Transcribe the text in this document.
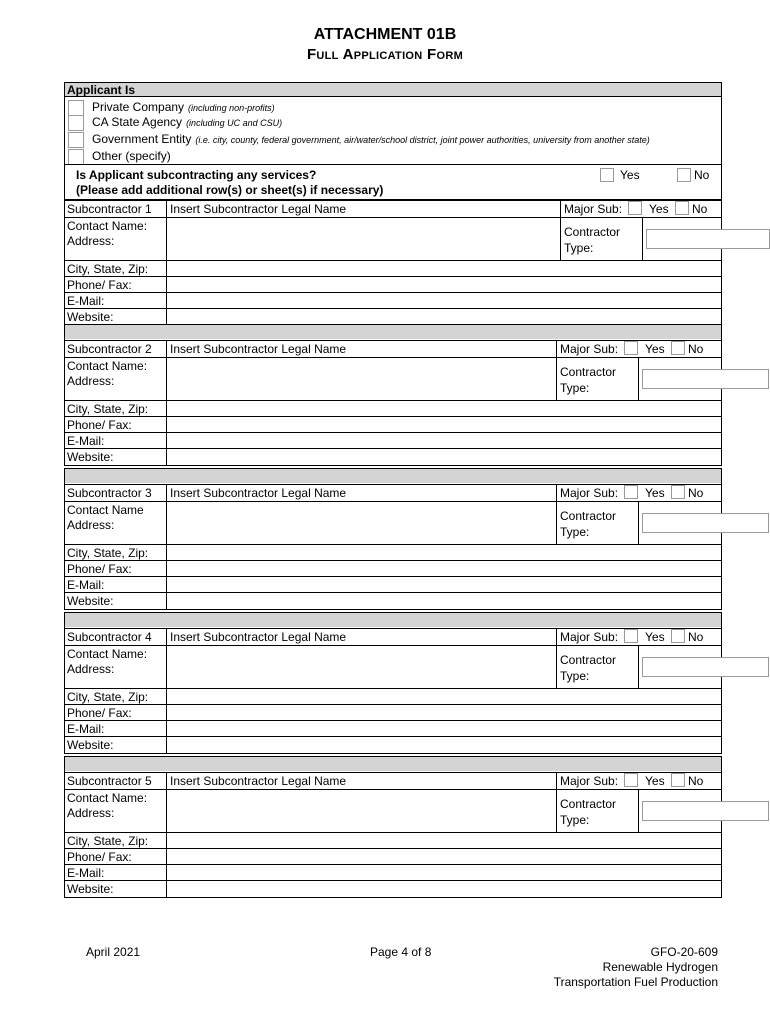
ATTACHMENT 01B
Full Application Form
Applicant Is
Private Company (including non-profits)
CA State Agency (including UC and CSU)
Government Entity (i.e. city, county, federal government, air/water/school district, joint power authorities, university from another state)
Other (specify)
Is Applicant subcontracting any services?
(Please add additional row(s) or sheet(s) if necessary)
Yes	No
Subcontractor 1 Insert Subcontractor Legal Name	Major Sub: Yes No
Contact Name:
Address:
Contractor
Type:
City, State, Zip:
Phone/ Fax:
E-Mail:
Website:
Subcontractor 2 Insert Subcontractor Legal Name	Major Sub: Yes No
Contact Name:
Address:
Contractor
Type:
City, State, Zip:
Phone/ Fax:
E-Mail:
Website:
Subcontractor 3 Insert Subcontractor Legal Name	Major Sub: Yes No
Contact Name
Address:
Contractor
Type:
City, State, Zip:
Phone/ Fax:
E-Mail:
Website:
Subcontractor 4 Insert Subcontractor Legal Name	Major Sub: Yes No
Contact Name:
Address:
Contractor
Type:
City, State, Zip:
Phone/ Fax:
E-Mail:
Website:
Subcontractor 5 Insert Subcontractor Legal Name	Major Sub: Yes No
Contact Name:
Address:
Contractor
Type:
City, State, Zip:
Phone/ Fax:
E-Mail:
Website:
April 2021	Page 4 of 8	GFO-20-609
Renewable Hydrogen
Transportation Fuel Production
